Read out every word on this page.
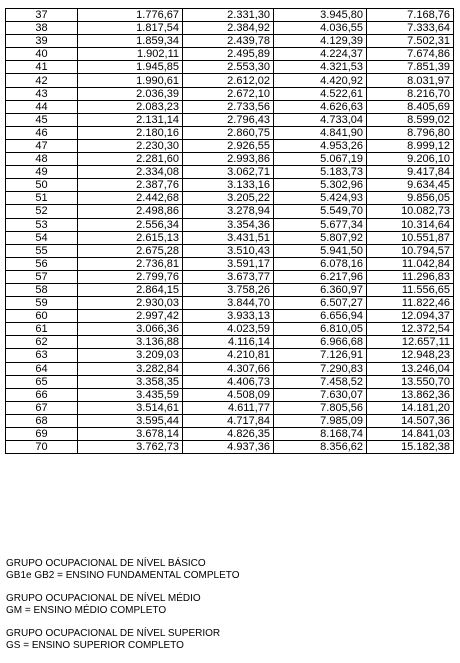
37	1.776,67	2.331,30	3.945,80	7.168,76
38	1.817,54	2.384,92	4.036,55	7.333,64
39	1.859,34	2.439,78	4.129,39	7.502,31
40	1.902,11	2.495,89	4.224,37	7.674,86
41	1.945,85	2.553,30	4.321,53	7.851,39
42	1.990,61	2.612,02	4.420,92	8.031,97
43	2.036,39	2.672,10	4.522,61	8.216,70
44	2.083,23	2.733,56	4.626,63	8.405,69
45	2.131,14	2.796,43	4.733,04	8.599,02
46	2.180,16	2.860,75	4.841,90	8.796,80
47	2.230,30	2.926,55	4.953,26	8.999,12
48	2.281,60	2.993,86	5.067,19	9.206,10
49	2.334,08	3.062,71	5.183,73	9.417,84
50	2.387,76	3.133,16	5.302,96	9.634,45
51	2.442,68	3.205,22	5.424,93	9.856,05
52	2.498,86	3.278,94	5.549,70	10.082,73
53	2.556,34	3.354,36	5.677,34	10.314,64
54	2.615,13	3.431,51	5.807,92	10.551,87
55	2.675,28	3.510,43	5.941,50	10.794,57
56	2.736,81	3.591,17	6.078,16	11.042,84
57	2.799,76	3.673,77	6.217,96	11.296,83
58	2.864,15	3.758,26	6.360,97	11.556,65
59	2.930,03	3.844,70	6.507,27	11.822,46
60	2.997,42	3.933,13	6.656,94	12.094,37
61	3.066,36	4.023,59	6.810,05	12.372,54
62	3.136,88	4.116,14	6.966,68	12.657,11
63	3.209,03	4.210,81	7.126,91	12.948,23
64	3.282,84	4.307,66	7.290,83	13.246,04
65	3.358,35	4.406,73	7.458,52	13.550,70
66	3.435,59	4.508,09	7.630,07	13.862,36
67	3.514,61	4.611,77	7.805,56	14.181,20
68	3.595,44	4.717,84	7.985,09	14.507,36
69	3.678,14	4.826,35	8.168,74	14.841,03
70	3.762,73	4.937,36	8.356,62	15.182,38

GRUPO OCUPACIONAL DE NÍVEL BÁSICO

GB1e GB2 = ENSINO FUNDAMENTAL COMPLETO

GRUPO OCUPACIONAL DE NÍVEL MÉDIO

GM = ENSINO MÉDIO COMPLETO

GRUPO OCUPACIONAL DE NÍVEL SUPERIOR

GS = ENSINO SUPERIOR COMPLETO
